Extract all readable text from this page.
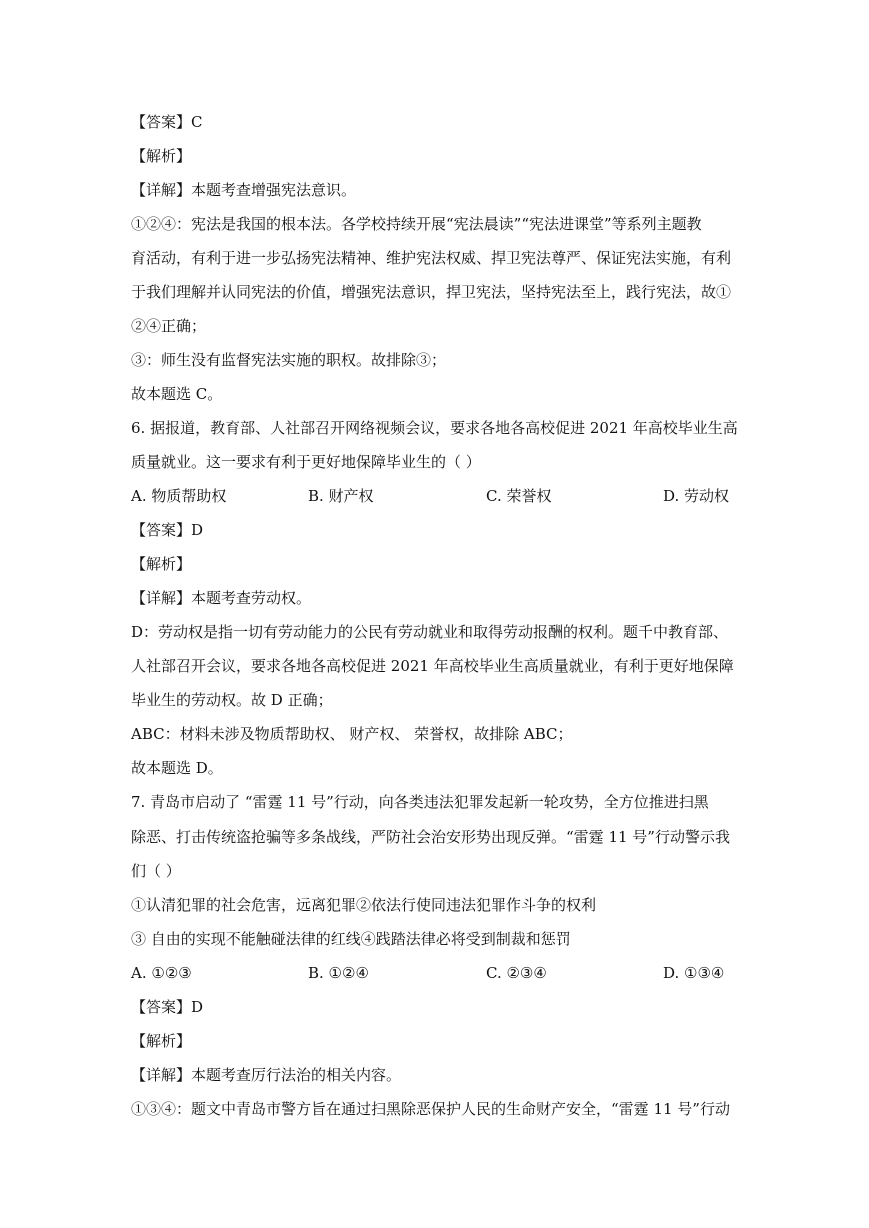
【答案】C
【解析】
【详解】本题考查增强宪法意识。
①②④：宪法是我国的根本法。各学校持续开展“宪法晨读”“宪法进课堂”等系列主题教
育活动，有利于进一步弘扬宪法精神、维护宪法权威、捍卫宪法尊严、保证宪法实施，有利
于我们理解并认同宪法的价值，增强宪法意识，捍卫宪法，坚持宪法至上，践行宪法，故①
②④正确；
③：师生没有监督宪法实施的职权。故排除③；
故本题选 C。
6. 据报道，教育部、人社部召开网络视频会议，要求各地各高校促进 2021 年高校毕业生高
质量就业。这一要求有利于更好地保障毕业生的（ ）
A. 物质帮助权	B. 财产权	C. 荣誉权	D. 劳动权
【答案】D
【解析】
【详解】本题考查劳动权。
D：劳动权是指一切有劳动能力的公民有劳动就业和取得劳动报酬的权利。题千中教育部、
人社部召开会议，要求各地各高校促进 2021 年高校毕业生高质量就业，有利于更好地保障
毕业生的劳动权。故 D 正确；
ABC：材料未涉及物质帮助权、 财产权、 荣誉权，故排除 ABC；
故本题选 D。
7. 青岛市启动了 “雷霆 11 号”行动，向各类违法犯罪发起新一轮攻势，全方位推进扫黑
除恶、打击传统盗抢骗等多条战线，严防社会治安形势出现反弹。“雷霆 11 号”行动警示我
们（ ）
①认清犯罪的社会危害，远离犯罪②依法行使同违法犯罪作斗争的权利
③ 自由的实现不能触碰法律的红线④践踏法律必将受到制裁和惩罚
A. ①②③	B. ①②④	C. ②③④	D. ①③④
【答案】D
【解析】
【详解】本题考查厉行法治的相关内容。
①③④：题文中青岛市警方旨在通过扫黑除恶保护人民的生命财产安全，“雷霆 11 号”行动
